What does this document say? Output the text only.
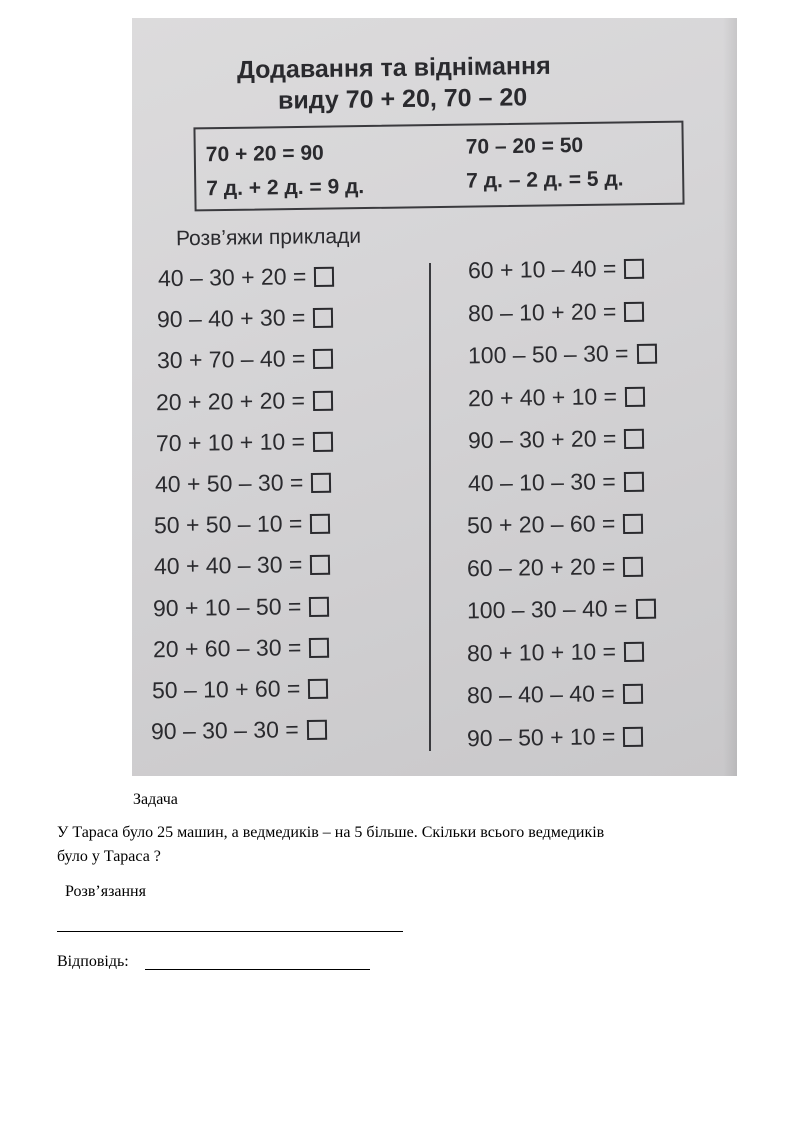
Додавання та віднімання
виду 70 + 20, 70 – 20
70 + 20 = 90	70 – 20 = 50
7 д. + 2 д. = 9 д.	7 д. – 2 д. = 5 д.
Розв’яжи приклади
40 – 30 + 20 =
90 – 40 + 30 =
30 + 70 – 40 =
20 + 20 + 20 =
70 + 10 + 10 =
40 + 50 – 30 =
50 + 50 – 10 =
40 + 40 – 30 =
90 + 10 – 50 =
20 + 60 – 30 =
50 – 10 + 60 =
90 – 30 – 30 =
60 + 10 – 40 =
80 – 10 + 20 =
100 – 50 – 30 =
20 + 40 + 10 =
90 – 30 + 20 =
40 – 10 – 30 =
50 + 20 – 60 =
60 – 20 + 20 =
100 – 30 – 40 =
80 + 10 + 10 =
80 – 40 – 40 =
90 – 50 + 10 =
Задача
У Тараса було 25 машин, а ведмедиків – на 5 більше. Скільки всього ведмедиків
було у Тараса ?
Розв’язання
Відповідь:
